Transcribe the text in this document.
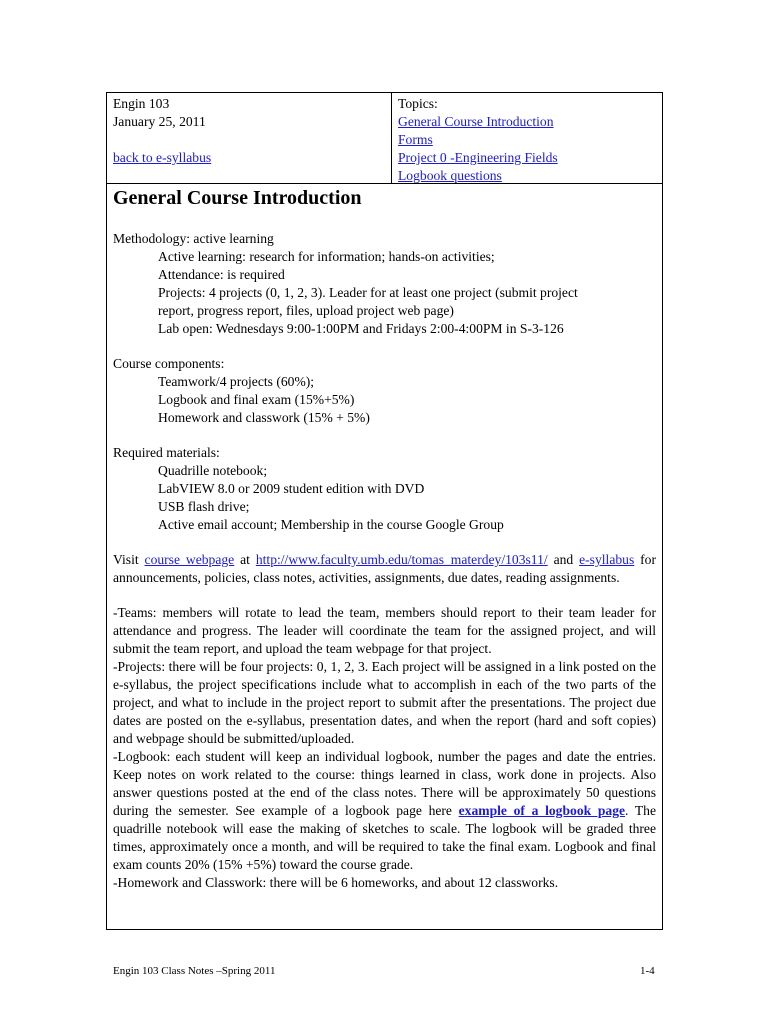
Engin 103
January 25, 2011
back to e-syllabus
Topics:
General Course Introduction
Forms
Project 0 -Engineering Fields
Logbook questions
General Course Introduction
Methodology: active learning
Active learning: research for information; hands-on activities;
Attendance: is required
Projects: 4 projects (0, 1, 2, 3). Leader for at least one project (submit project
report, progress report, files, upload project web page)
Lab open: Wednesdays 9:00-1:00PM and Fridays 2:00-4:00PM in S-3-126
Course components:
Teamwork/4 projects (60%);
Logbook and final exam (15%+5%)
Homework and classwork (15% + 5%)
Required materials:
Quadrille notebook;
LabVIEW 8.0 or 2009 student edition with DVD
USB flash drive;
Active email account; Membership in the course Google Group

Visit course webpage at http://www.faculty.umb.edu/tomas_materdey/103s11/ and e-syllabus for announcements, policies, class notes, activities, assignments, due dates, reading assignments.

-Teams: members will rotate to lead the team, members should report to their team leader for attendance and progress. The leader will coordinate the team for the assigned project, and will submit the team report, and upload the team webpage for that project.

-Projects: there will be four projects: 0, 1, 2, 3. Each project will be assigned in a link posted on the e-syllabus, the project specifications include what to accomplish in each of the two parts of the project, and what to include in the project report to submit after the presentations. The project due dates are posted on the e-syllabus, presentation dates, and when the report (hard and soft copies) and webpage should be submitted/uploaded.

-Logbook: each student will keep an individual logbook, number the pages and date the entries. Keep notes on work related to the course: things learned in class, work done in projects. Also answer questions posted at the end of the class notes. There will be approximately 50 questions during the semester. See example of a logbook page here example of a logbook page. The quadrille notebook will ease the making of sketches to scale. The logbook will be graded three times, approximately once a month, and will be required to take the final exam. Logbook and final exam counts 20% (15% +5%) toward the course grade.

-Homework and Classwork: there will be 6 homeworks, and about 12 classworks.

Engin 103 Class Notes –Spring 2011	1-4
